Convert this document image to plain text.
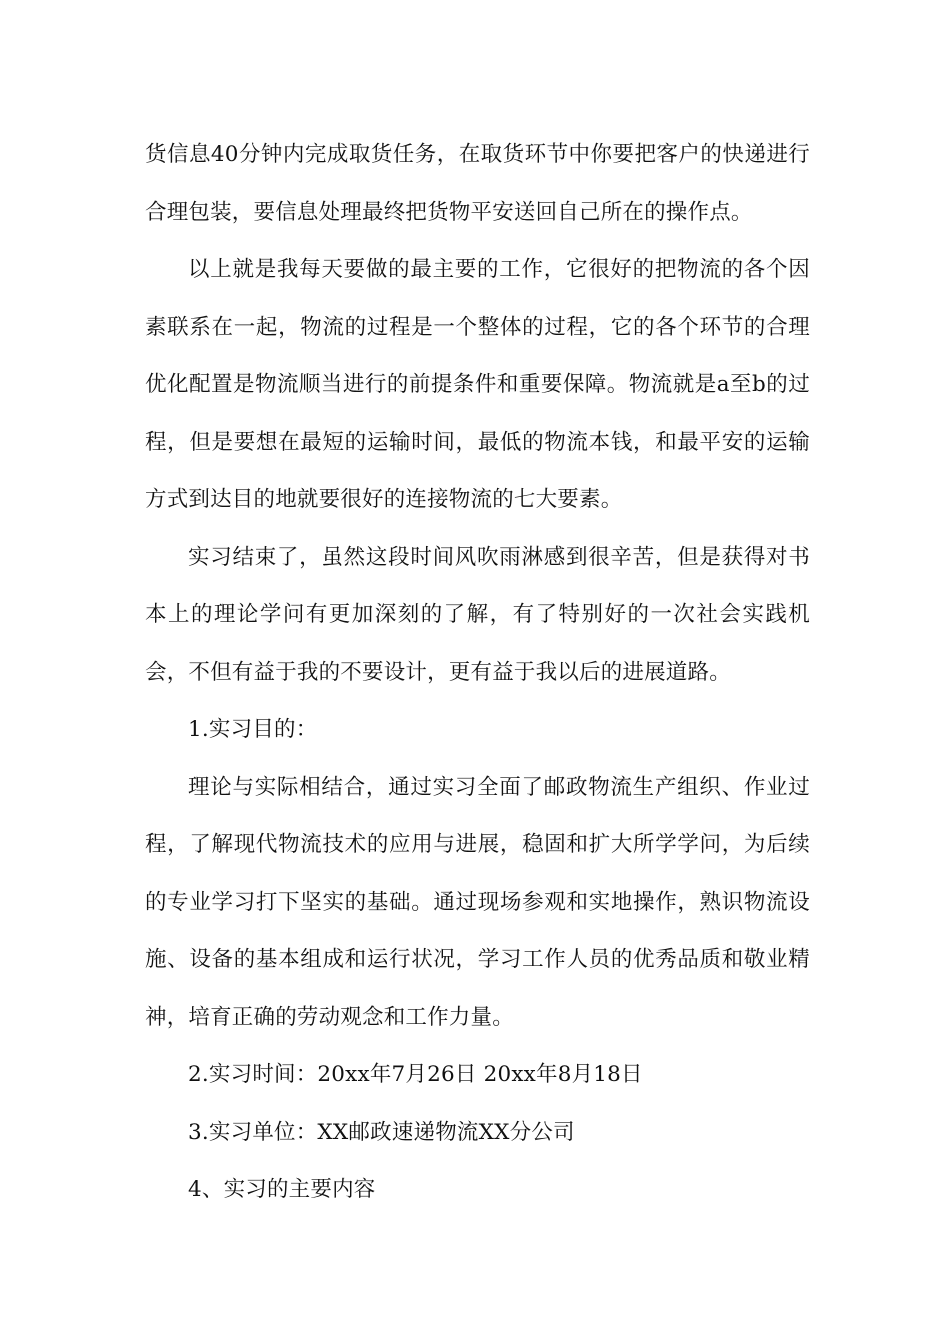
货信息40分钟内完成取货任务，在取货环节中你要把客户的快递进行合理包装，要信息处理最终把货物平安送回自己所在的操作点。

以上就是我每天要做的最主要的工作，它很好的把物流的各个因素联系在一起，物流的过程是一个整体的过程，它的各个环节的合理优化配置是物流顺当进行的前提条件和重要保障。物流就是a至b的过程，但是要想在最短的运输时间，最低的物流本钱，和最平安的运输方式到达目的地就要很好的连接物流的七大要素。

实习结束了，虽然这段时间风吹雨淋感到很辛苦，但是获得对书本上的理论学问有更加深刻的了解，有了特别好的一次社会实践机会，不但有益于我的不要设计，更有益于我以后的进展道路。

1.实习目的：

理论与实际相结合，通过实习全面了邮政物流生产组织、作业过程，了解现代物流技术的应用与进展，稳固和扩大所学学问，为后续的专业学习打下坚实的基础。通过现场参观和实地操作，熟识物流设施、设备的基本组成和运行状况，学习工作人员的优秀品质和敬业精神，培育正确的劳动观念和工作力量。

2.实习时间：20xx年7月26日 20xx年8月18日

3.实习单位：XX邮政速递物流XX分公司

4、实习的主要内容
